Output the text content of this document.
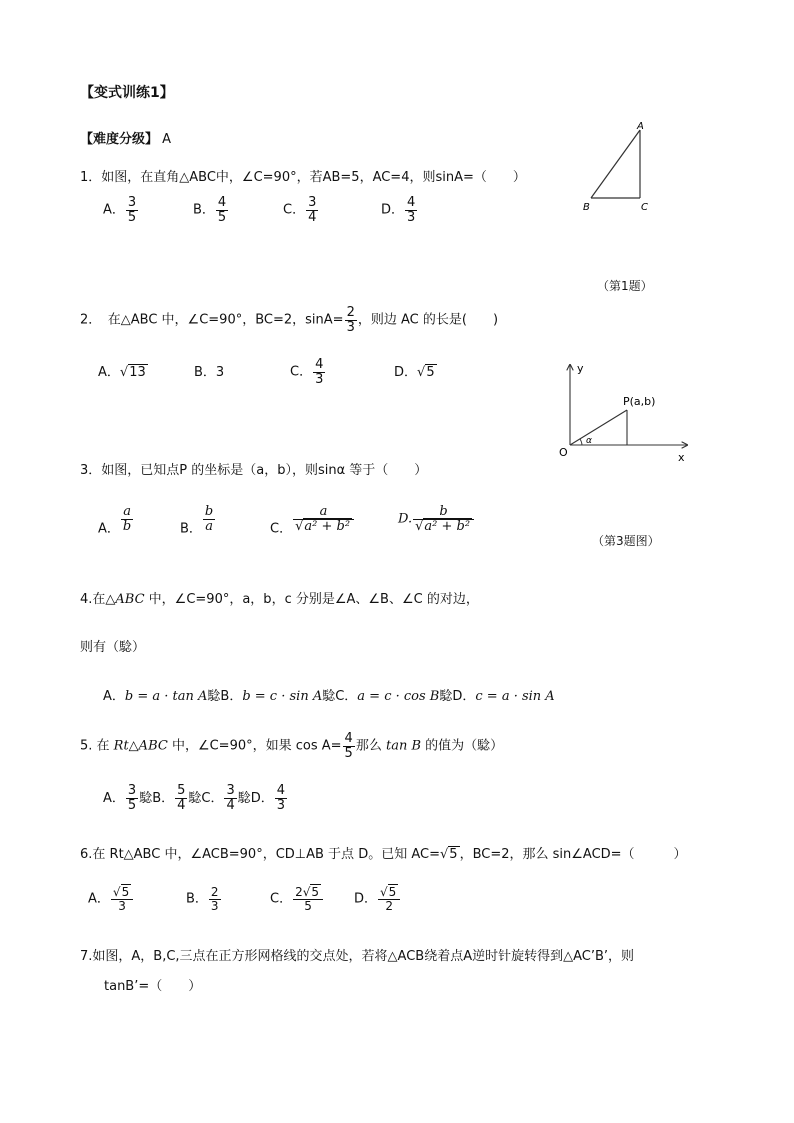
【变式训练1】
【难度分级】 A
1．如图，在直角△ABC中，∠C=90°，若AB=5，AC=4，则sinA=（　　）
A． $\frac{3}{5}$	B． $\frac{4}{5}$	C． $\frac{3}{4}$	D． $\frac{4}{3}$
A
B	C
（第1题）
2．　在△ABC 中，∠C=90°，BC=2，$\sin A= \frac{2}{3}$ ，则边 AC 的长是(　　)
A．√13	B．3	C． $\frac{4}{3}$	D．√5	y
x
O
P(a,b)
α
3．如图，已知点P 的坐标是（a，b），则sinα 等于（　　）
A． $\frac{a}{b}$	B． $\frac{b}{a}$	C． $\frac{a}{\text{√a² + b²}}$	D. $\frac{b}{\text{√a² + b²}}$
（第3题图）
4.在△ABC 中，∠C=90°，a，b，c 分别是∠A、∠B、∠C 的对边，
则有（騐）
A．b = a · tan A騐B．b = c · sin A騐C．a = c · cos B騐D．c = a · sin A
5. 在 Rt△ABC 中，∠C=90°，如果 $\cos A= \frac{4}{5}$ 那么 tan B 的值为（騐）
A． $\frac{3}{5}$ 騐B． $\frac{5}{4}$ 騐C． $\frac{3}{4}$ 騐D． $\frac{4}{3}$
6.在 Rt△ABC 中，∠ACB=90°，CD⊥AB 于点 D。已知 AC=√5 ，BC=2，那么 sin∠ACD=（　　　）
A． $\frac{√5}{3}$	B． $\frac{2}{3}$	C． $\frac{2√5}{5}$ D． $\frac{√5}{2}$
7.如图，A，B,C,三点在正方形网格线的交点处，若将△ACB绕着点A逆时针旋转得到△AC’B’，则
tanB’=（　　）
